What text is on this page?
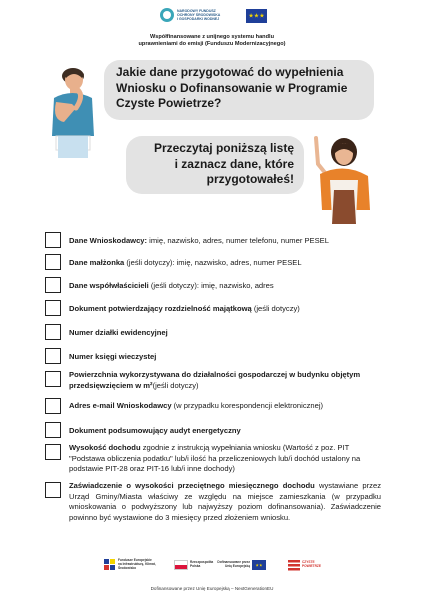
NARODOWY FUNDUSZ OCHRONY ŚRODOWISKA I GOSPODARKI WODNEJ	★★★
Współfinansowane z unijnego systemu handlu
uprawnieniami do emisji (Funduszu Modernizacyjnego)
Jakie dane przygotować do wypełnienia
Wniosku o Dofinansowanie w Programie
Czyste Powietrze?
Przeczytaj poniższą listę
i zaznacz dane, które
przygotowałeś!
Dane Wnioskodawcy: imię, nazwisko, adres, numer telefonu, numer PESEL
Dane małżonka (jeśli dotyczy): imię, nazwisko, adres, numer PESEL
Dane współwłaścicieli (jeśli dotyczy): imię, nazwisko, adres
Dokument potwierdzający rozdzielność majątkową (jeśli dotyczy)
Numer działki ewidencyjnej
Numer księgi wieczystej
Powierzchnia wykorzystywana do działalności gospodarczej w budynku objętym przedsięwzięciem w m²(jeśli dotyczy)
Adres e-mail Wnioskodawcy (w przypadku korespondencji elektronicznej)
Dokument podsumowujący audyt energetyczny
Wysokość dochodu zgodnie z instrukcją wypełniania wniosku (Wartość z poz. PIT "Podstawa obliczenia podatku" lub/i ilość ha przeliczeniowych lub/i dochód ustalony na podstawie PIT-28 oraz PIT-16 lub/i inne dochody)
Zaświadczenie o wysokości przeciętnego miesięcznego dochodu wystawiane przez Urząd Gminy/Miasta właściwy ze względu na miejsce zamieszkania (w przypadku wnioskowania o podwyższony lub najwyższy poziom dofinansowania). Zaświadczenie powinno być wystawione do 3 miesięcy przed złożeniem wniosku.
Fundusze Europejskie na Infrastrukturę, Klimat, Środowisko
Rzeczpospolita Polska
Dofinansowane przez Unię Europejską ★★
CZYSTE POWIETRZE
Dofinansowane przez Unię Europejską – NextGenerationEU
